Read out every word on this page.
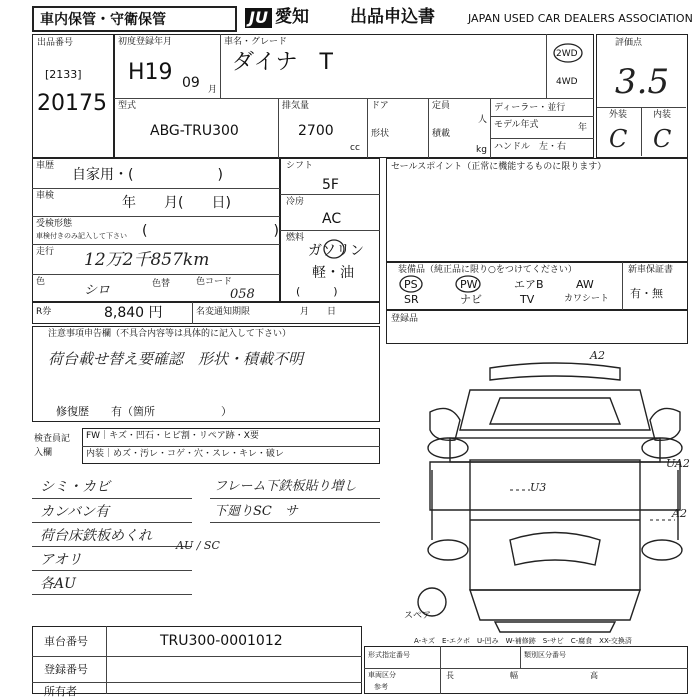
車内保管・守衛保管	JU 愛知 出品申込書	JAPAN USED CAR DEALERS ASSOCIATION
出品番号
[2133]
20175
初度登録年月
H19 09 月
車名・グレード
ダイナ　T	2WD
4WD
型式
ABG-TRU300
排気量
2700
cc
ドア
形状
定員
人
積載
kg
ディーラー・並行
モデル年式	年
ハンドル　左・右
評価点
3.5
外装	内装
C C
車歴
自家用・(　　　　　　)
車検	年　　月(　　日)
受検形態
車検付きのみ記入して下さい (　　　　　　　　　)
走行 12万2千857km
色
シロ	色替	色コード
058
シフト
5F
冷房
AC
燃料
ガソリン
軽・油
(　　　)
R券	8,840 円	名変通知期限	月　　日
セールスポイント（正常に機能するものに限ります）
装備品（純正品に限り○をつけてください）
PS	PW	エアB	AW
SR	ナビ	TV	カワシート
新車保証書
有・無
登録品
注意事項申告欄（不具合内容等は具体的に記入して下さい）
荷台載せ替え要確認　形状・積載不明
修復歴　　有（箇所　　　　　　）
検査員記入欄
FW｜キズ・凹石・ヒビ割・リペア跡・X要
内装｜めズ・汚レ・コゲ・穴・スレ・キレ・破レ
シミ・カビ
カンバン有
荷台床鉄板めくれ
アオリ
各AU
フレーム下鉄板貼り増し
下廻りSC　サ
AU / SC
A2
U3
UA2
A2
スペア
A-キズ　E-エクボ　U-凹み　W-補修跡　S-サビ　C-腐食　XX-交換済
車台番号	TRU300-0001012
登録番号
所有者
形式指定番号	類別区分番号
車両区分
参考
長	幅	高
